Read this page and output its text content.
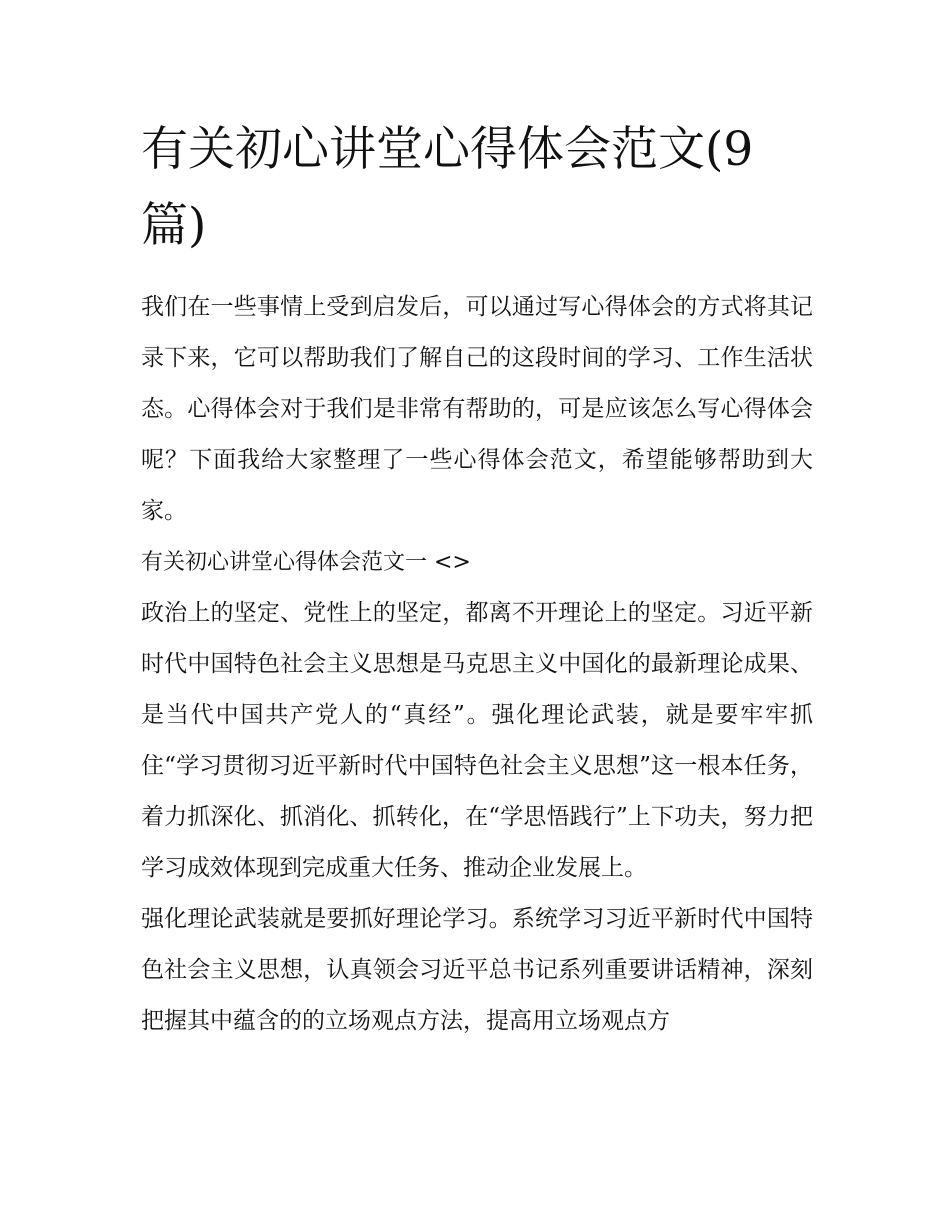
有关初心讲堂心得体会范文(9篇)

我们在一些事情上受到启发后，可以通过写心得体会的方式将其记录下来，它可以帮助我们了解自己的这段时间的学习、工作生活状态。心得体会对于我们是非常有帮助的，可是应该怎么写心得体会呢？下面我给大家整理了一些心得体会范文，希望能够帮助到大家。

有关初心讲堂心得体会范文一 <>

政治上的坚定、党性上的坚定，都离不开理论上的坚定。习近平新时代中国特色社会主义思想是马克思主义中国化的最新理论成果、是当代中国共产党人的“真经”。强化理论武装，就是要牢牢抓住“学习贯彻习近平新时代中国特色社会主义思想”这一根本任务，着力抓深化、抓消化、抓转化，在“学思悟践行”上下功夫，努力把学习成效体现到完成重大任务、推动企业发展上。

强化理论武装就是要抓好理论学习。系统学习习近平新时代中国特色社会主义思想，认真领会习近平总书记系列重要讲话精神，深刻把握其中蕴含的的立场观点方法，提高用立场观点方
